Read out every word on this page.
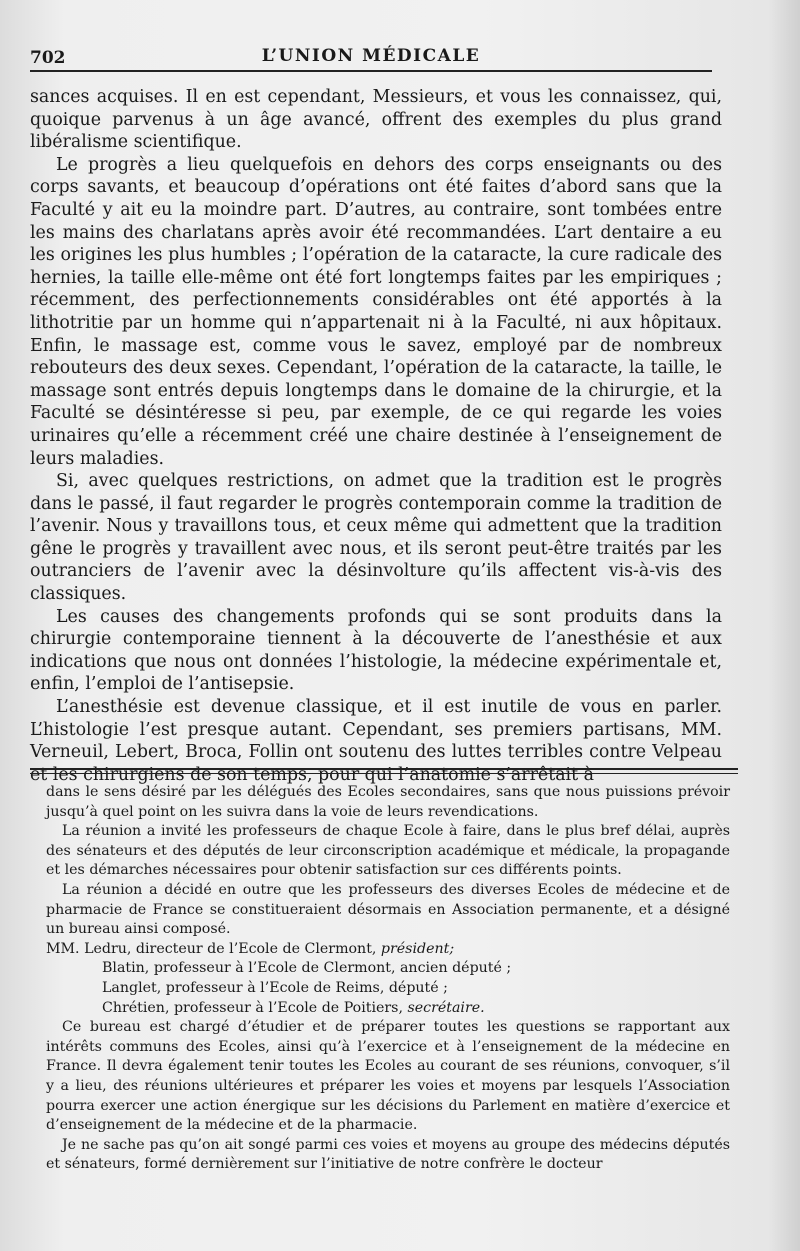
702	L’UNION MÉDICALE

sances acquises. Il en est cependant, Messieurs, et vous les connaissez, qui, quoique parvenus à un âge avancé, offrent des exemples du plus grand libéralisme scientifique.

Le progrès a lieu quelquefois en dehors des corps enseignants ou des corps savants, et beaucoup d’opérations ont été faites d’abord sans que la Faculté y ait eu la moindre part. D’autres, au contraire, sont tombées entre les mains des charlatans après avoir été recommandées. L’art dentaire a eu les origines les plus humbles ; l’opération de la cataracte, la cure radicale des hernies, la taille elle-même ont été fort longtemps faites par les empiriques ; récemment, des perfectionnements considérables ont été apportés à la lithotritie par un homme qui n’appartenait ni à la Faculté, ni aux hôpitaux. Enfin, le massage est, comme vous le savez, employé par de nombreux rebouteurs des deux sexes. Cependant, l’opération de la cataracte, la taille, le massage sont entrés depuis longtemps dans le domaine de la chirurgie, et la Faculté se désintéresse si peu, par exemple, de ce qui regarde les voies urinaires qu’elle a récemment créé une chaire destinée à l’enseignement de leurs maladies.

Si, avec quelques restrictions, on admet que la tradition est le progrès dans le passé, il faut regarder le progrès contemporain comme la tradition de l’avenir. Nous y travaillons tous, et ceux même qui admettent que la tradition gêne le progrès y travaillent avec nous, et ils seront peut-être traités par les outranciers de l’avenir avec la désinvolture qu’ils affectent vis-à-vis des classiques.

Les causes des changements profonds qui se sont produits dans la chirurgie contemporaine tiennent à la découverte de l’anesthésie et aux indications que nous ont données l’histologie, la médecine expérimentale et, enfin, l’emploi de l’antisepsie.

L’anesthésie est devenue classique, et il est inutile de vous en parler. L’histologie l’est presque autant. Cependant, ses premiers partisans, MM. Verneuil, Lebert, Broca, Follin ont soutenu des luttes terribles contre Velpeau et les chirurgiens de son temps, pour qui l’anatomie s’arrêtait à

dans le sens désiré par les délégués des Ecoles secondaires, sans que nous puissions prévoir jusqu’à quel point on les suivra dans la voie de leurs revendications.

La réunion a invité les professeurs de chaque Ecole à faire, dans le plus bref délai, auprès des sénateurs et des députés de leur circonscription académique et médicale, la propagande et les démarches nécessaires pour obtenir satisfaction sur ces différents points.

La réunion a décidé en outre que les professeurs des diverses Ecoles de médecine et de pharmacie de France se constitueraient désormais en Association permanente, et a désigné un bureau ainsi composé.

MM. Ledru, directeur de l’Ecole de Clermont, président;

Blatin, professeur à l’Ecole de Clermont, ancien député ;

Langlet, professeur à l’Ecole de Reims, député ;

Chrétien, professeur à l’Ecole de Poitiers, secrétaire.

Ce bureau est chargé d’étudier et de préparer toutes les questions se rapportant aux intérêts communs des Ecoles, ainsi qu’à l’exercice et à l’enseignement de la médecine en France. Il devra également tenir toutes les Ecoles au courant de ses réunions, convoquer, s’il y a lieu, des réunions ultérieures et préparer les voies et moyens par lesquels l’Association pourra exercer une action énergique sur les décisions du Parlement en matière d’exercice et d’enseignement de la médecine et de la pharmacie.

Je ne sache pas qu’on ait songé parmi ces voies et moyens au groupe des médecins députés et sénateurs, formé dernièrement sur l’initiative de notre confrère le docteur
